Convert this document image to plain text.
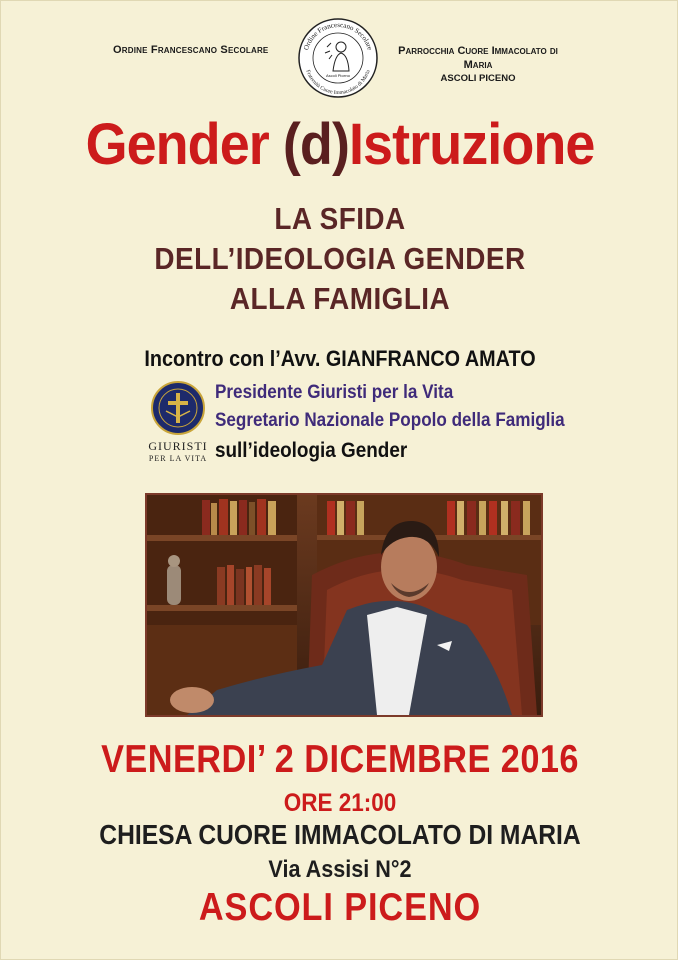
Ordine Francescano Secolare	Ordine Francescano Secolare
Fraternità Cuore Immacolato di Maria
Ascoli Piceno
Parrocchia Cuore Immacolato di Maria
ASCOLI PICENO
Gender (d)Istruzione
LA SFIDA
DELL’IDEOLOGIA GENDER
ALLA FAMIGLIA
Incontro con l’Avv. GIANFRANCO AMATO
GIURISTI
PER LA VITA
Presidente Giuristi per la Vita
Segretario Nazionale Popolo della Famiglia
sull’ideologia Gender
VENERDI’ 2 DICEMBRE 2016
ORE 21:00
CHIESA CUORE IMMACOLATO DI MARIA
Via Assisi N°2
ASCOLI PICENO
